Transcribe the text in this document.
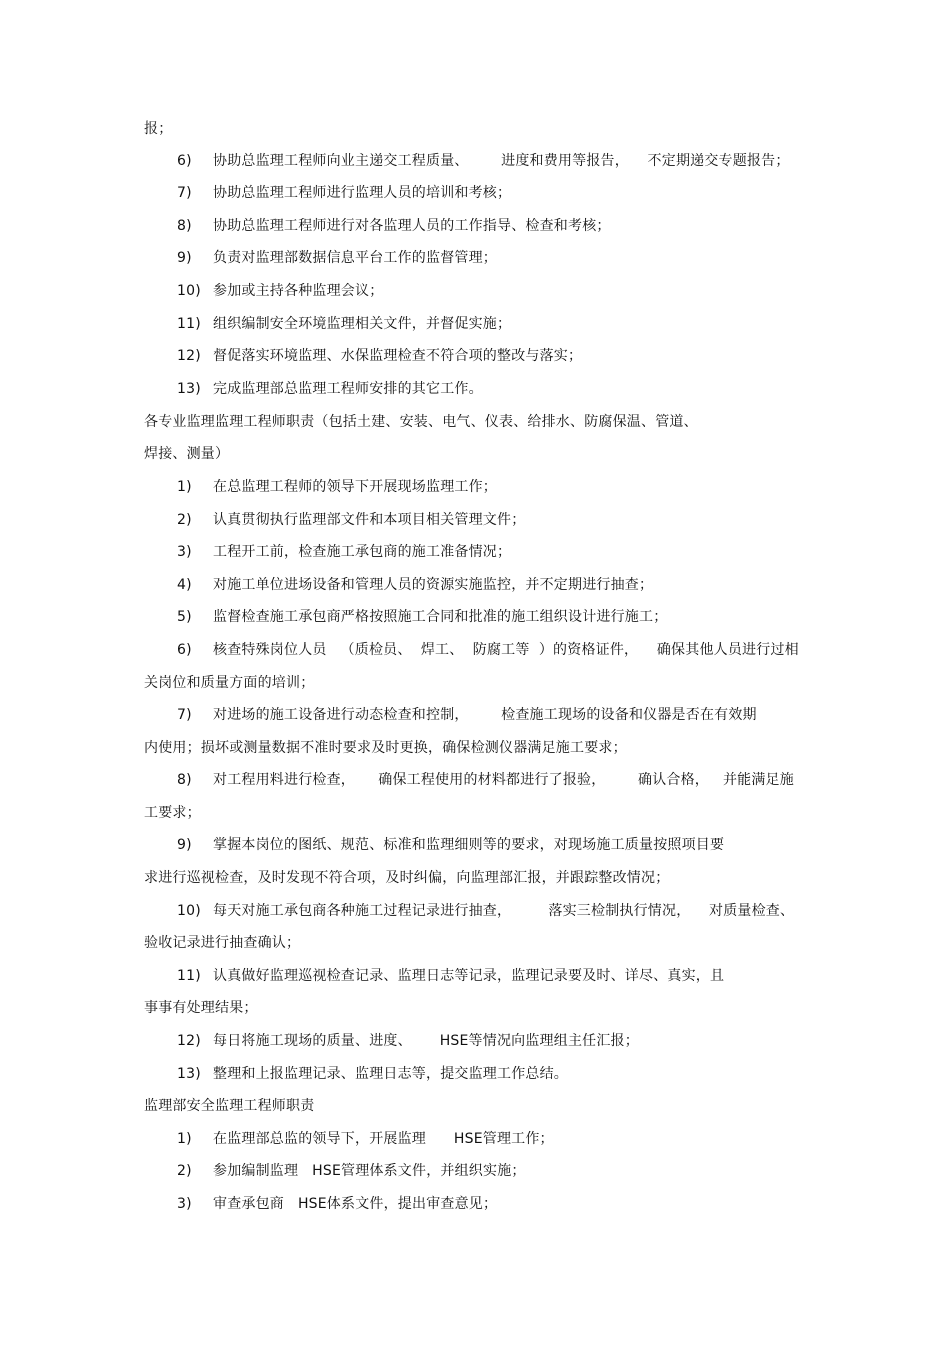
报；
6) 协助总监理工程师向业主递交工程质量、       进度和费用等报告，    不定期递交专题报告；
7) 协助总监理工程师进行监理人员的培训和考核；
8) 协助总监理工程师进行对各监理人员的工作指导、检查和考核；
9) 负责对监理部数据信息平台工作的监督管理；
10) 参加或主持各种监理会议；
11) 组织编制安全环境监理相关文件，并督促实施；
12) 督促落实环境监理、水保监理检查不符合项的整改与落实；
13) 完成监理部总监理工程师安排的其它工作。
各专业监理监理工程师职责（包括土建、安装、电气、仪表、给排水、防腐保温、管道、
焊接、测量）
1) 在总监理工程师的领导下开展现场监理工作；
2) 认真贯彻执行监理部文件和本项目相关管理文件；
3) 工程开工前，检查施工承包商的施工准备情况；
4) 对施工单位进场设备和管理人员的资源实施监控，并不定期进行抽查；
5) 监督检查施工承包商严格按照施工合同和批准的施工组织设计进行施工；
6) 核查特殊岗位人员   （质检员、  焊工、  防腐工等  ）的资格证件，    确保其他人员进行过相
关岗位和质量方面的培训；
7) 对进场的施工设备进行动态检查和控制，       检查施工现场的设备和仪器是否在有效期
内使用；损坏或测量数据不准时要求及时更换，确保检测仪器满足施工要求；
8) 对工程用料进行检查，     确保工程使用的材料都进行了报验，       确认合格，   并能满足施
工要求；
9) 掌握本岗位的图纸、规范、标准和监理细则等的要求，对现场施工质量按照项目要
求进行巡视检查，及时发现不符合项，及时纠偏，向监理部汇报，并跟踪整改情况；
10) 每天对施工承包商各种施工过程记录进行抽查，        落实三检制执行情况，    对质量检查、
验收记录进行抽查确认；
11) 认真做好监理巡视检查记录、监理日志等记录，监理记录要及时、详尽、真实，且
事事有处理结果；
12) 每日将施工现场的质量、进度、      HSE等情况向监理组主任汇报；
13) 整理和上报监理记录、监理日志等，提交监理工作总结。
监理部安全监理工程师职责
1) 在监理部总监的领导下，开展监理      HSE管理工作；
2) 参加编制监理   HSE管理体系文件，并组织实施；
3) 审查承包商   HSE体系文件，提出审查意见；
